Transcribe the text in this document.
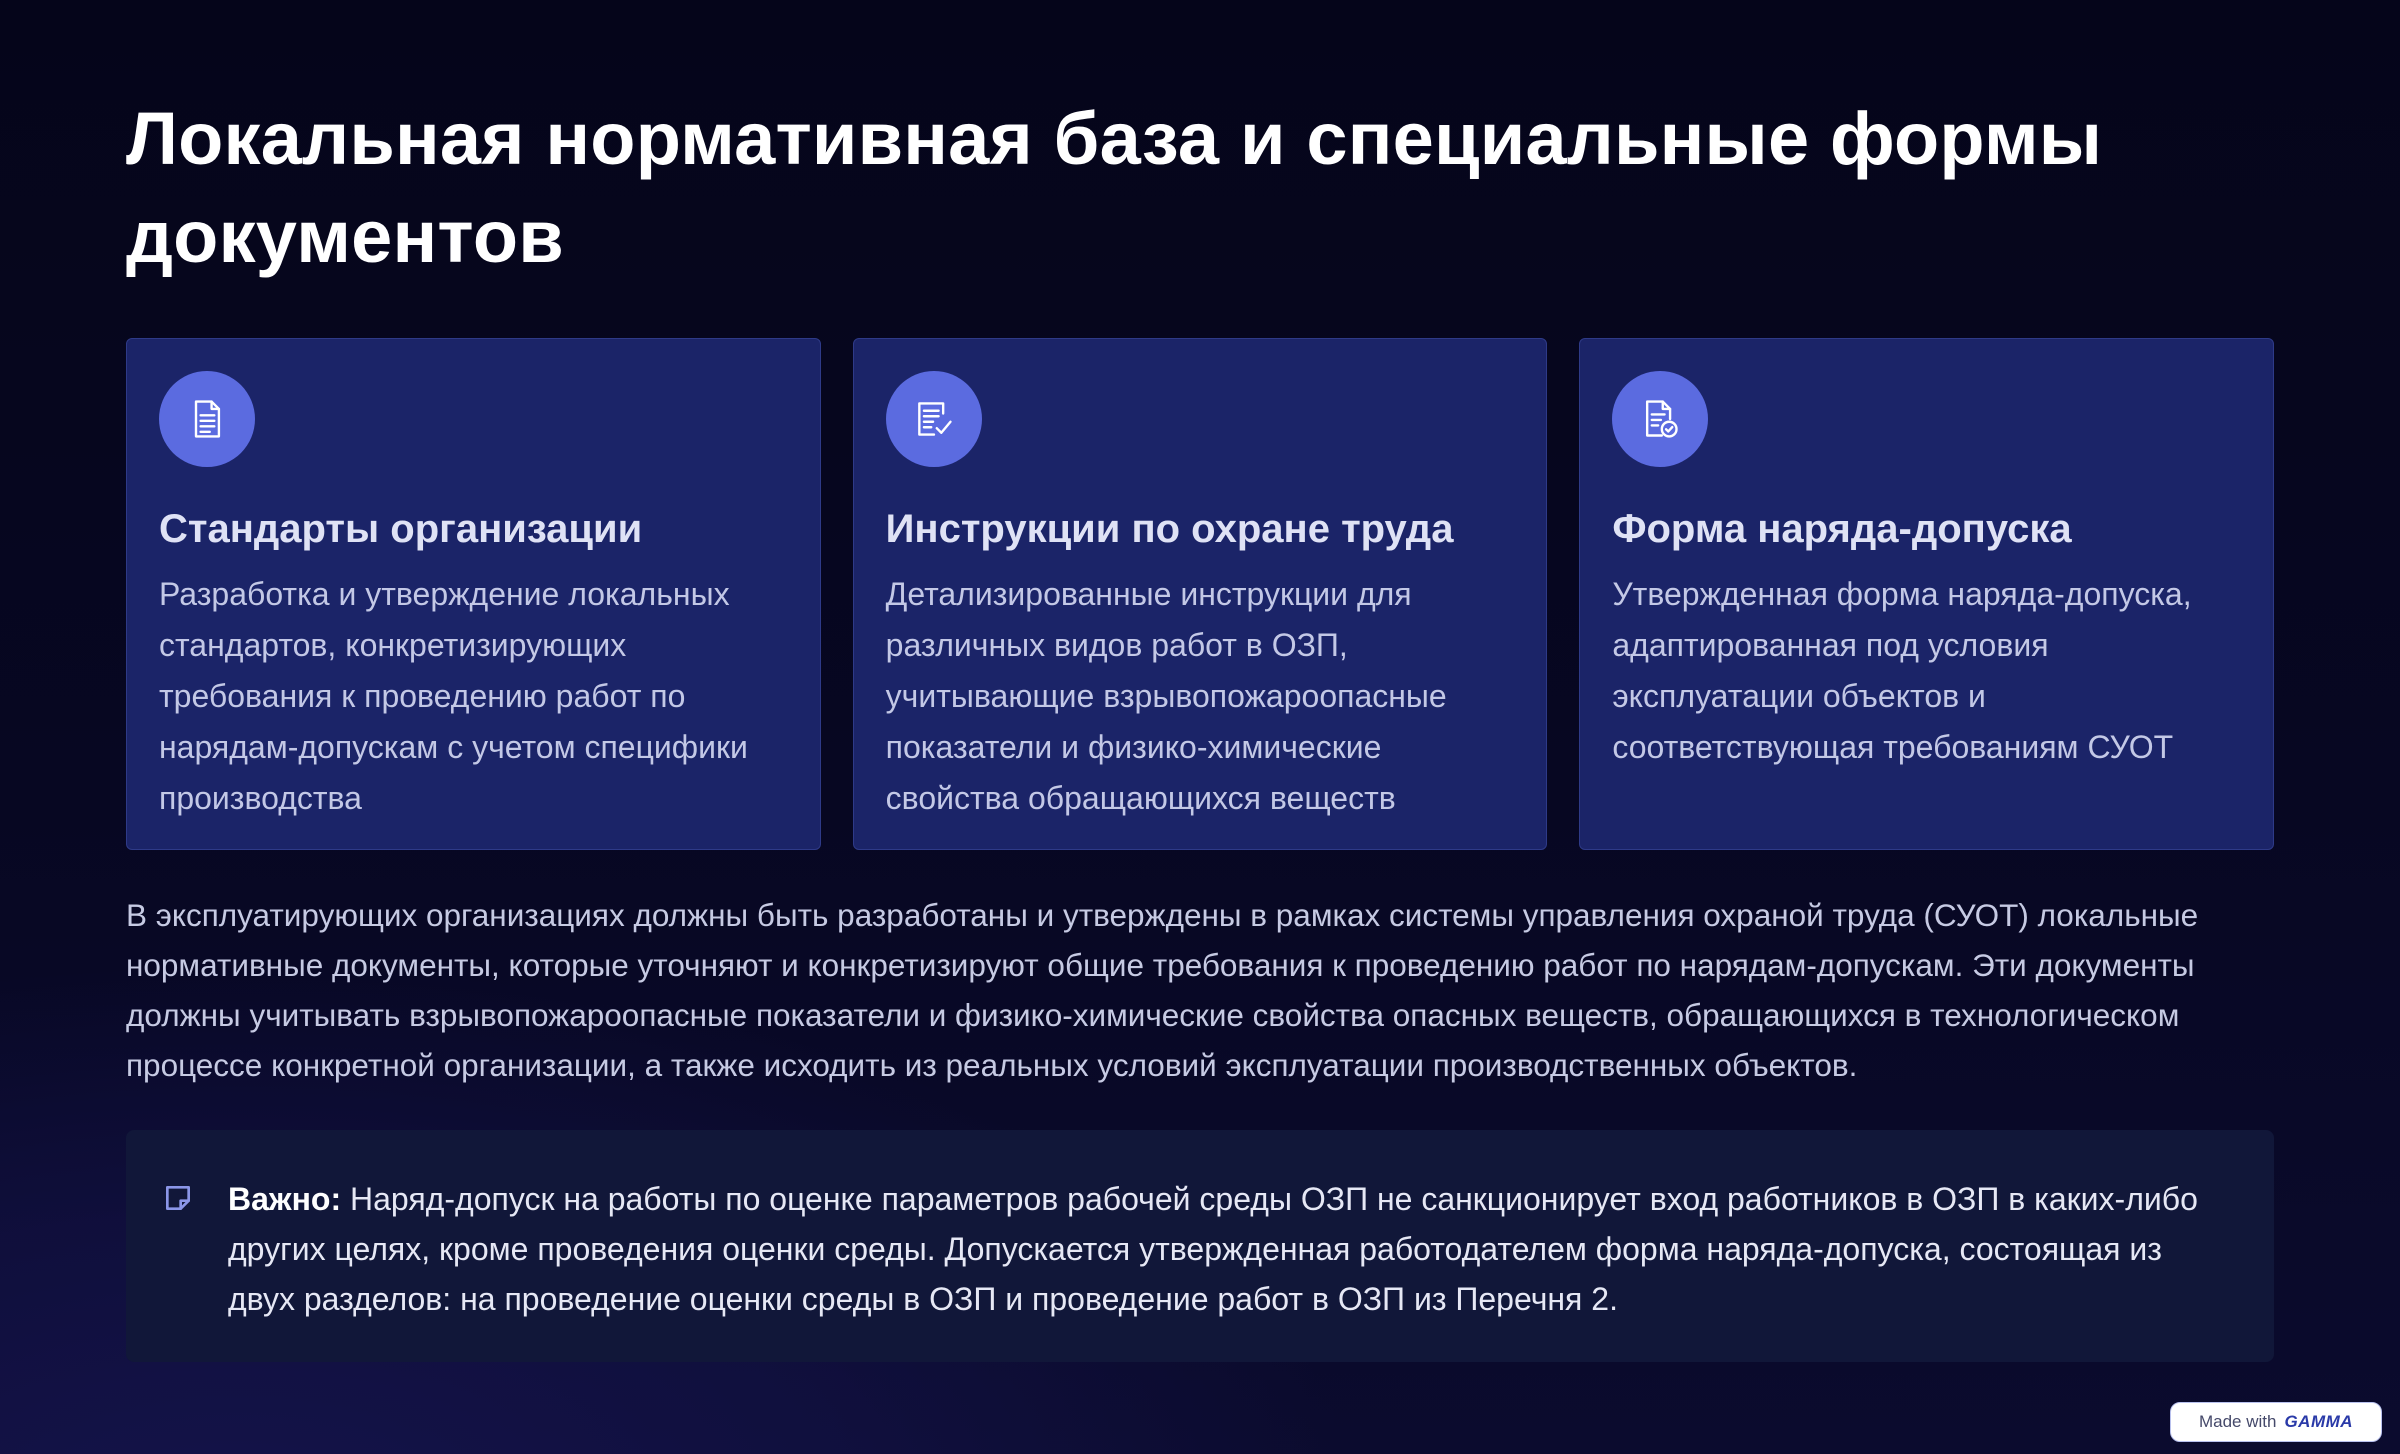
Локальная нормативная база и специальные формы документов
Стандарты организации
Разработка и утверждение локальных стандартов, конкретизирующих требования к проведению работ по нарядам-допускам с учетом специфики производства
Инструкции по охране труда
Детализированные инструкции для различных видов работ в ОЗП, учитывающие взрывопожароопасные показатели и физико-химические свойства обращающихся веществ
Форма наряда-допуска
Утвержденная форма наряда-допуска, адаптированная под условия эксплуатации объектов и соответствующая требованиям СУОТ

В эксплуатирующих организациях должны быть разработаны и утверждены в рамках системы управления охраной труда (СУОТ) локальные нормативные документы, которые уточняют и конкретизируют общие требования к проведению работ по нарядам-допускам. Эти документы должны учитывать взрывопожароопасные показатели и физико-химические свойства опасных веществ, обращающихся в технологическом процессе конкретной организации, а также исходить из реальных условий эксплуатации производственных объектов.

Важно: Наряд-допуск на работы по оценке параметров рабочей среды ОЗП не санкционирует вход работников в ОЗП в каких-либо других целях, кроме проведения оценки среды. Допускается утвержденная работодателем форма наряда-допуска, состоящая из двух разделов: на проведение оценки среды в ОЗП и проведение работ в ОЗП из Перечня 2.
Made with GAMMA
